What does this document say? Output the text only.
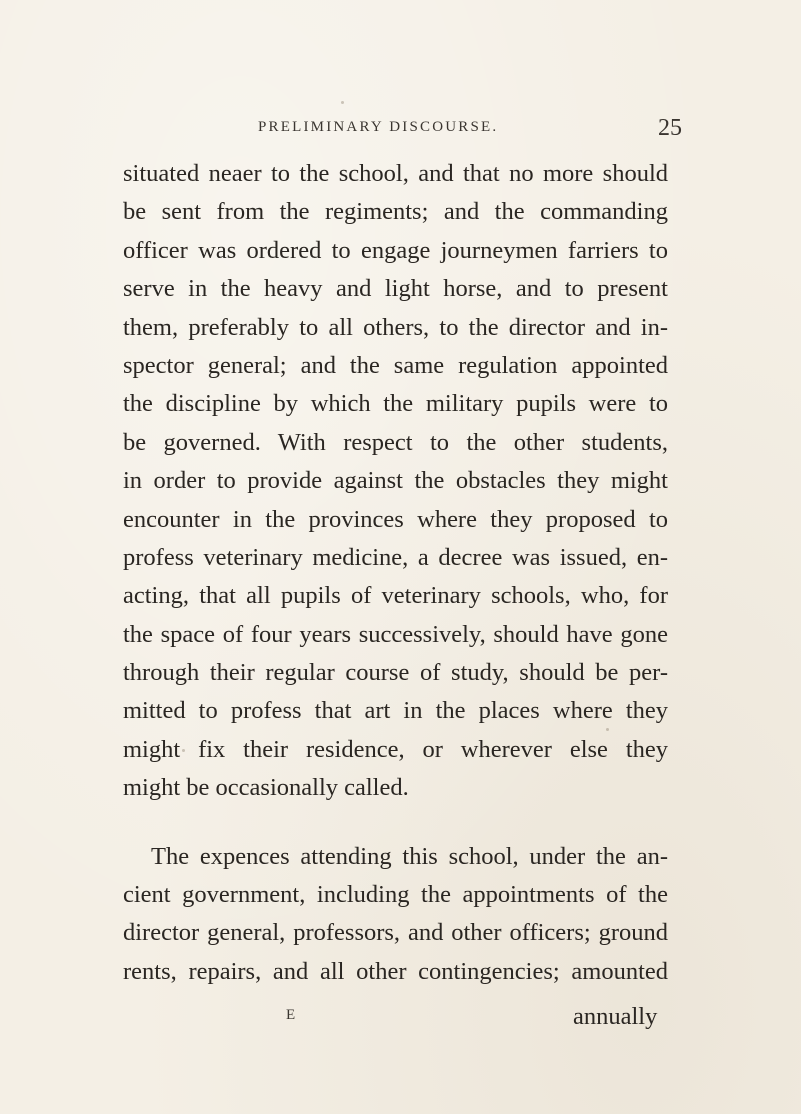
PRELIMINARY DISCOURSE.	25
situated neaer to the school, and that no more should
be sent from the regiments; and the commanding
officer was ordered to engage journeymen farriers to
serve in the heavy and light horse, and to present
them, preferably to all others, to the director and in-
spector general; and the same regulation appointed
the discipline by which the military pupils were to
be governed. With respect to the other students,
in order to provide against the obstacles they might
encounter in the provinces where they proposed to
profess veterinary medicine, a decree was issued, en-
acting, that all pupils of veterinary schools, who, for
the space of four years successively, should have gone
through their regular course of study, should be per-
mitted to profess that art in the places where they
might fix their residence, or wherever else they
might be occasionally called.
The expences attending this school, under the an-
cient government, including the appointments of the
director general, professors, and other officers; ground
rents, repairs, and all other contingencies; amounted
E	annually
